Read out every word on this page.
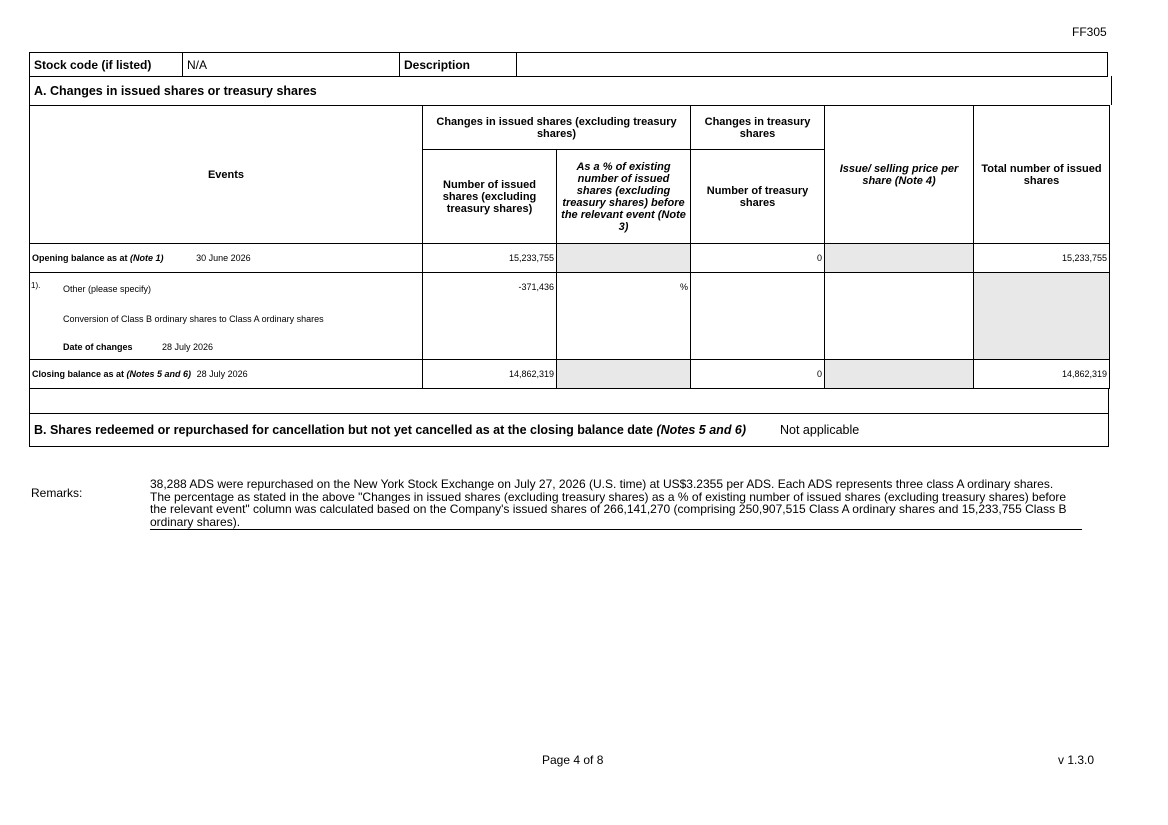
FF305
Stock code (if listed)	N/A	Description	
A. Changes in issued shares or treasury shares
Events	Changes in issued shares (excluding treasury shares)		Changes in treasury shares	Issue/ selling price per share (Note 4)	Total number of issued shares
	Number of issued shares (excluding treasury shares)	As a % of existing number of issued shares (excluding treasury shares) before the relevant event (Note 3)	Number of treasury shares		
Opening balance as at (Note 1) 30 June 2026	15,233,755		0		15,233,755

1). Other (please specify)
Conversion of Class B ordinary shares to Class A ordinary shares
Date of changes 28 July 2026	-371,436	%			
Closing balance as at (Notes 5 and 6) 28 July 2026	14,862,319		0		14,862,319
B. Shares redeemed or repurchased for cancellation but not yet cancelled as at the closing balance date (Notes 5 and 6)	Not applicable
Remarks:

38,288 ADS were repurchased on the New York Stock Exchange on July 27, 2026 (U.S. time) at US$3.2355 per ADS. Each ADS represents three class A ordinary shares.

The percentage as stated in the above "Changes in issued shares (excluding treasury shares) as a % of existing number of issued shares (excluding treasury shares) before the relevant event" column was calculated based on the Company's issued shares of 266,141,270 (comprising 250,907,515 Class A ordinary shares and 15,233,755 Class B ordinary shares).

Page 4 of 8	v 1.3.0
